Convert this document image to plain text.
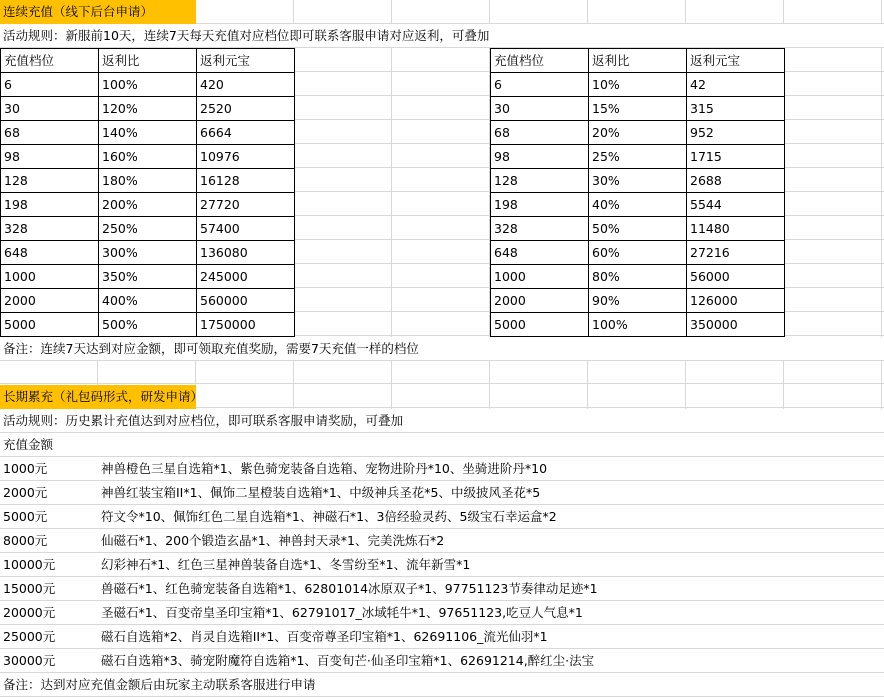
连续充值（线下后台申请）
活动规则：新服前10天，连续7天每天充值对应档位即可联系客服申请对应返利，可叠加
充值档位	返利比	返利元宝
6	100%	420
30	120%	2520
68	140%	6664
98	160%	10976
128	180%	16128
198	200%	27720
328	250%	57400
648	300%	136080
1000	350%	245000
2000	400%	560000
5000	500%	1750000
充值档位	返利比	返利元宝
6	10%	42
30	15%	315
68	20%	952
98	25%	1715
128	30%	2688
198	40%	5544
328	50%	11480
648	60%	27216
1000	80%	56000
2000	90%	126000
5000	100%	350000
备注：连续7天达到对应金额，即可领取充值奖励，需要7天充值一样的档位
长期累充（礼包码形式，研发申请）
活动规则：历史累计充值达到对应档位，即可联系客服申请奖励，可叠加
充值金额
1000元	神兽橙色三星自选箱*1、紫色骑宠装备自选箱、宠物进阶丹*10、坐骑进阶丹*10
2000元	神兽红装宝箱II*1、佩饰二星橙装自选箱*1、中级神兵圣花*5、中级披风圣花*5
5000元	符文令*10、佩饰红色二星自选箱*1、神磁石*1、3倍经验灵药、5级宝石幸运盒*2
8000元	仙磁石*1、200个锻造玄晶*1、神兽封天录*1、完美洗炼石*2
10000元	幻彩神石*1、红色三星神兽装备自选*1、冬雪纷至*1、流年新雪*1
15000元	兽磁石*1、红色骑宠装备自选箱*1、62801014冰原双子*1、97751123节奏律动足迹*1
20000元	圣磁石*1、百变帝皇圣印宝箱*1、62791017_冰域牦牛*1、97651123,吃豆人气息*1
25000元	磁石自选箱*2、肖灵自选箱II*1、百变帝尊圣印宝箱*1、62691106_流光仙羽*1
30000元	磁石自选箱*3、骑宠附魔符自选箱*1、百变旬芒·仙圣印宝箱*1、62691214,醉红尘·法宝
备注：达到对应充值金额后由玩家主动联系客服进行申请
